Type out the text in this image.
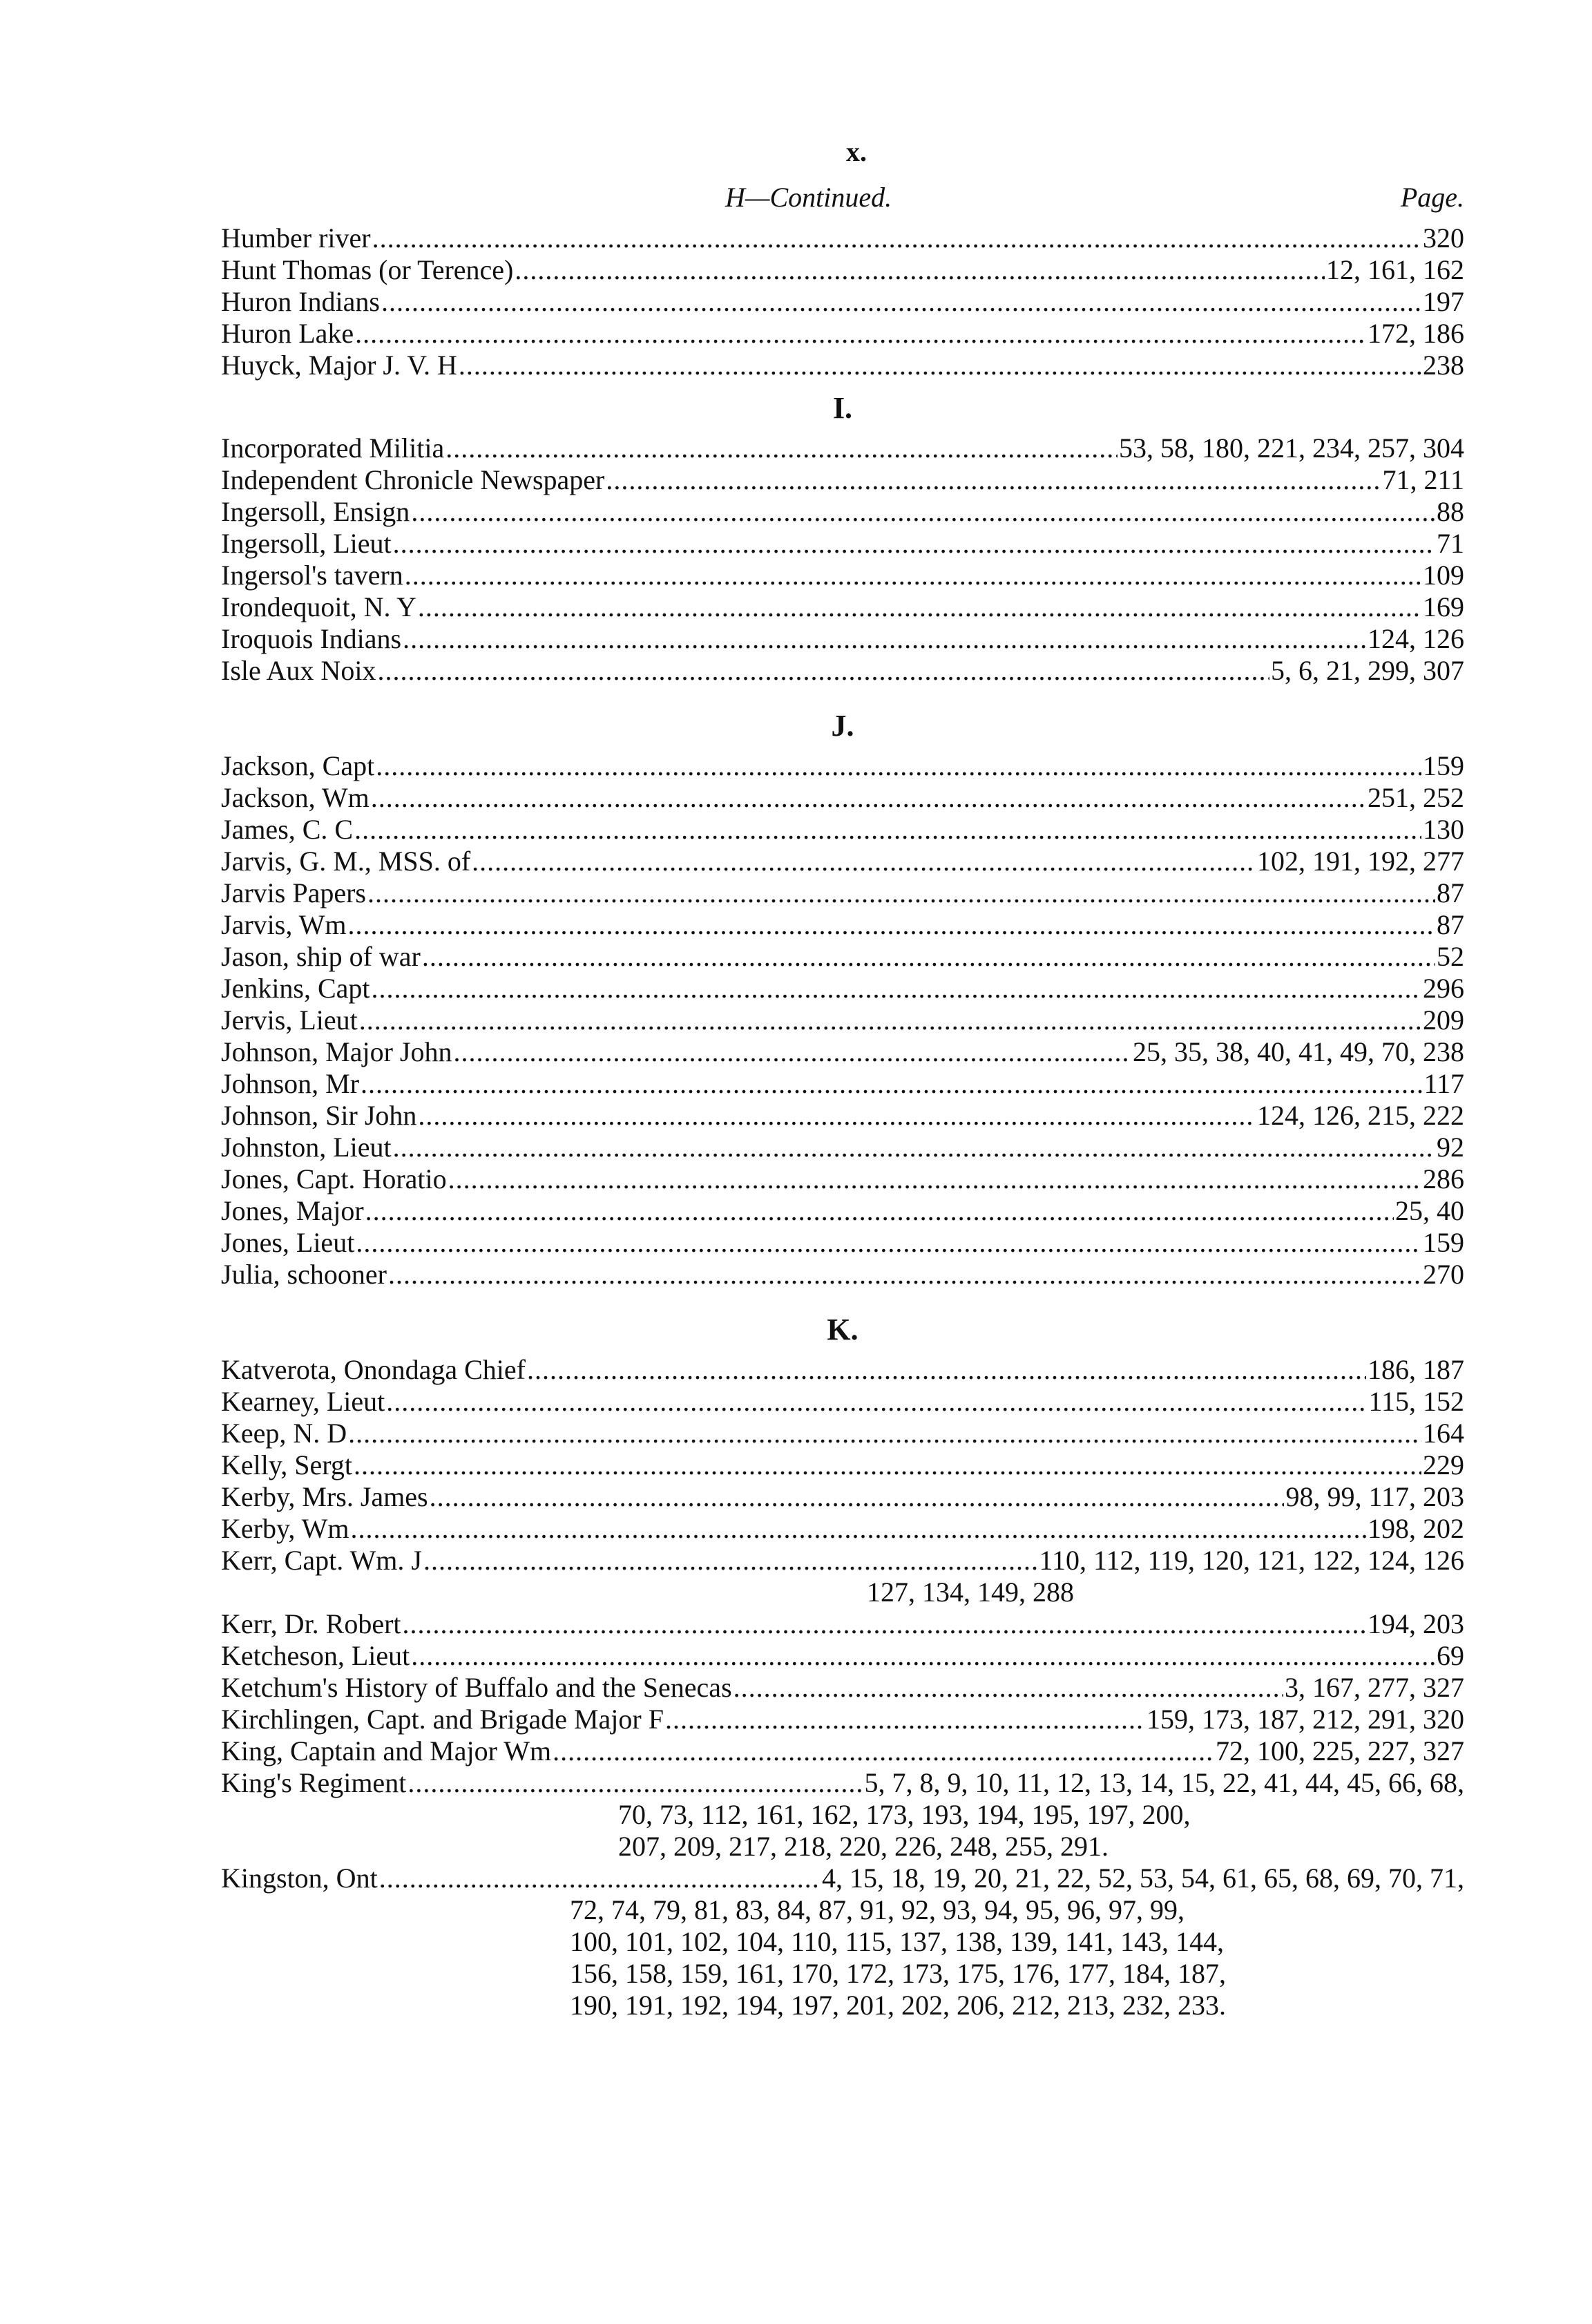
x.
H—Continued.	Page.
Humber river .....	320
Hunt Thomas (or Terence) .....	12, 161, 162
Huron Indians .....	197
Huron Lake .....	172, 186
Huyck, Major J. V. H .....	238
I.
Incorporated Militia .....	53, 58, 180, 221, 234, 257, 304
Independent Chronicle Newspaper .....	71, 211
Ingersoll, Ensign .....	88
Ingersoll, Lieut .....	71
Ingersol's tavern .....	109
Irondequoit, N. Y .....	169
Iroquois Indians .....	124, 126
Isle Aux Noix .....	5, 6, 21, 299, 307
J.
Jackson, Capt .....	159
Jackson, Wm .....	251, 252
James, C. C .....	130
Jarvis, G. M., MSS. of .....	102, 191, 192, 277
Jarvis Papers .....	87
Jarvis, Wm .....	87
Jason, ship of war .....	52
Jenkins, Capt .....	296
Jervis, Lieut .....	209
Johnson, Major John .....	25, 35, 38, 40, 41, 49, 70, 238
Johnson, Mr .....	117
Johnson, Sir John .....	124, 126, 215, 222
Johnston, Lieut .....	92
Jones, Capt. Horatio .....	286
Jones, Major .....	25, 40
Jones, Lieut .....	159
Julia, schooner .....	270
K.
Katverota, Onondaga Chief .....	186, 187
Kearney, Lieut .....	115, 152
Keep, N. D .....	164
Kelly, Sergt .....	229
Kerby, Mrs. James .....	98, 99, 117, 203
Kerby, Wm .....	198, 202
Kerr, Capt. Wm. J .....	110, 112, 119, 120, 121, 122, 124, 126
127, 134, 149, 288
Kerr, Dr. Robert .....	194, 203
Ketcheson, Lieut .....	69
Ketchum's History of Buffalo and the Senecas .....	3, 167, 277, 327
Kirchlingen, Capt. and Brigade Major F .....	159, 173, 187, 212, 291, 320
King, Captain and Major Wm .....	72, 100, 225, 227, 327
King's Regiment .....	5, 7, 8, 9, 10, 11, 12, 13, 14, 15, 22, 41, 44, 45, 66, 68,
70, 73, 112, 161, 162, 173, 193, 194, 195, 197, 200,
207, 209, 217, 218, 220, 226, 248, 255, 291.
Kingston, Ont .....	4, 15, 18, 19, 20, 21, 22, 52, 53, 54, 61, 65, 68, 69, 70, 71,
72, 74, 79, 81, 83, 84, 87, 91, 92, 93, 94, 95, 96, 97, 99,
100, 101, 102, 104, 110, 115, 137, 138, 139, 141, 143, 144,
156, 158, 159, 161, 170, 172, 173, 175, 176, 177, 184, 187,
190, 191, 192, 194, 197, 201, 202, 206, 212, 213, 232, 233.
